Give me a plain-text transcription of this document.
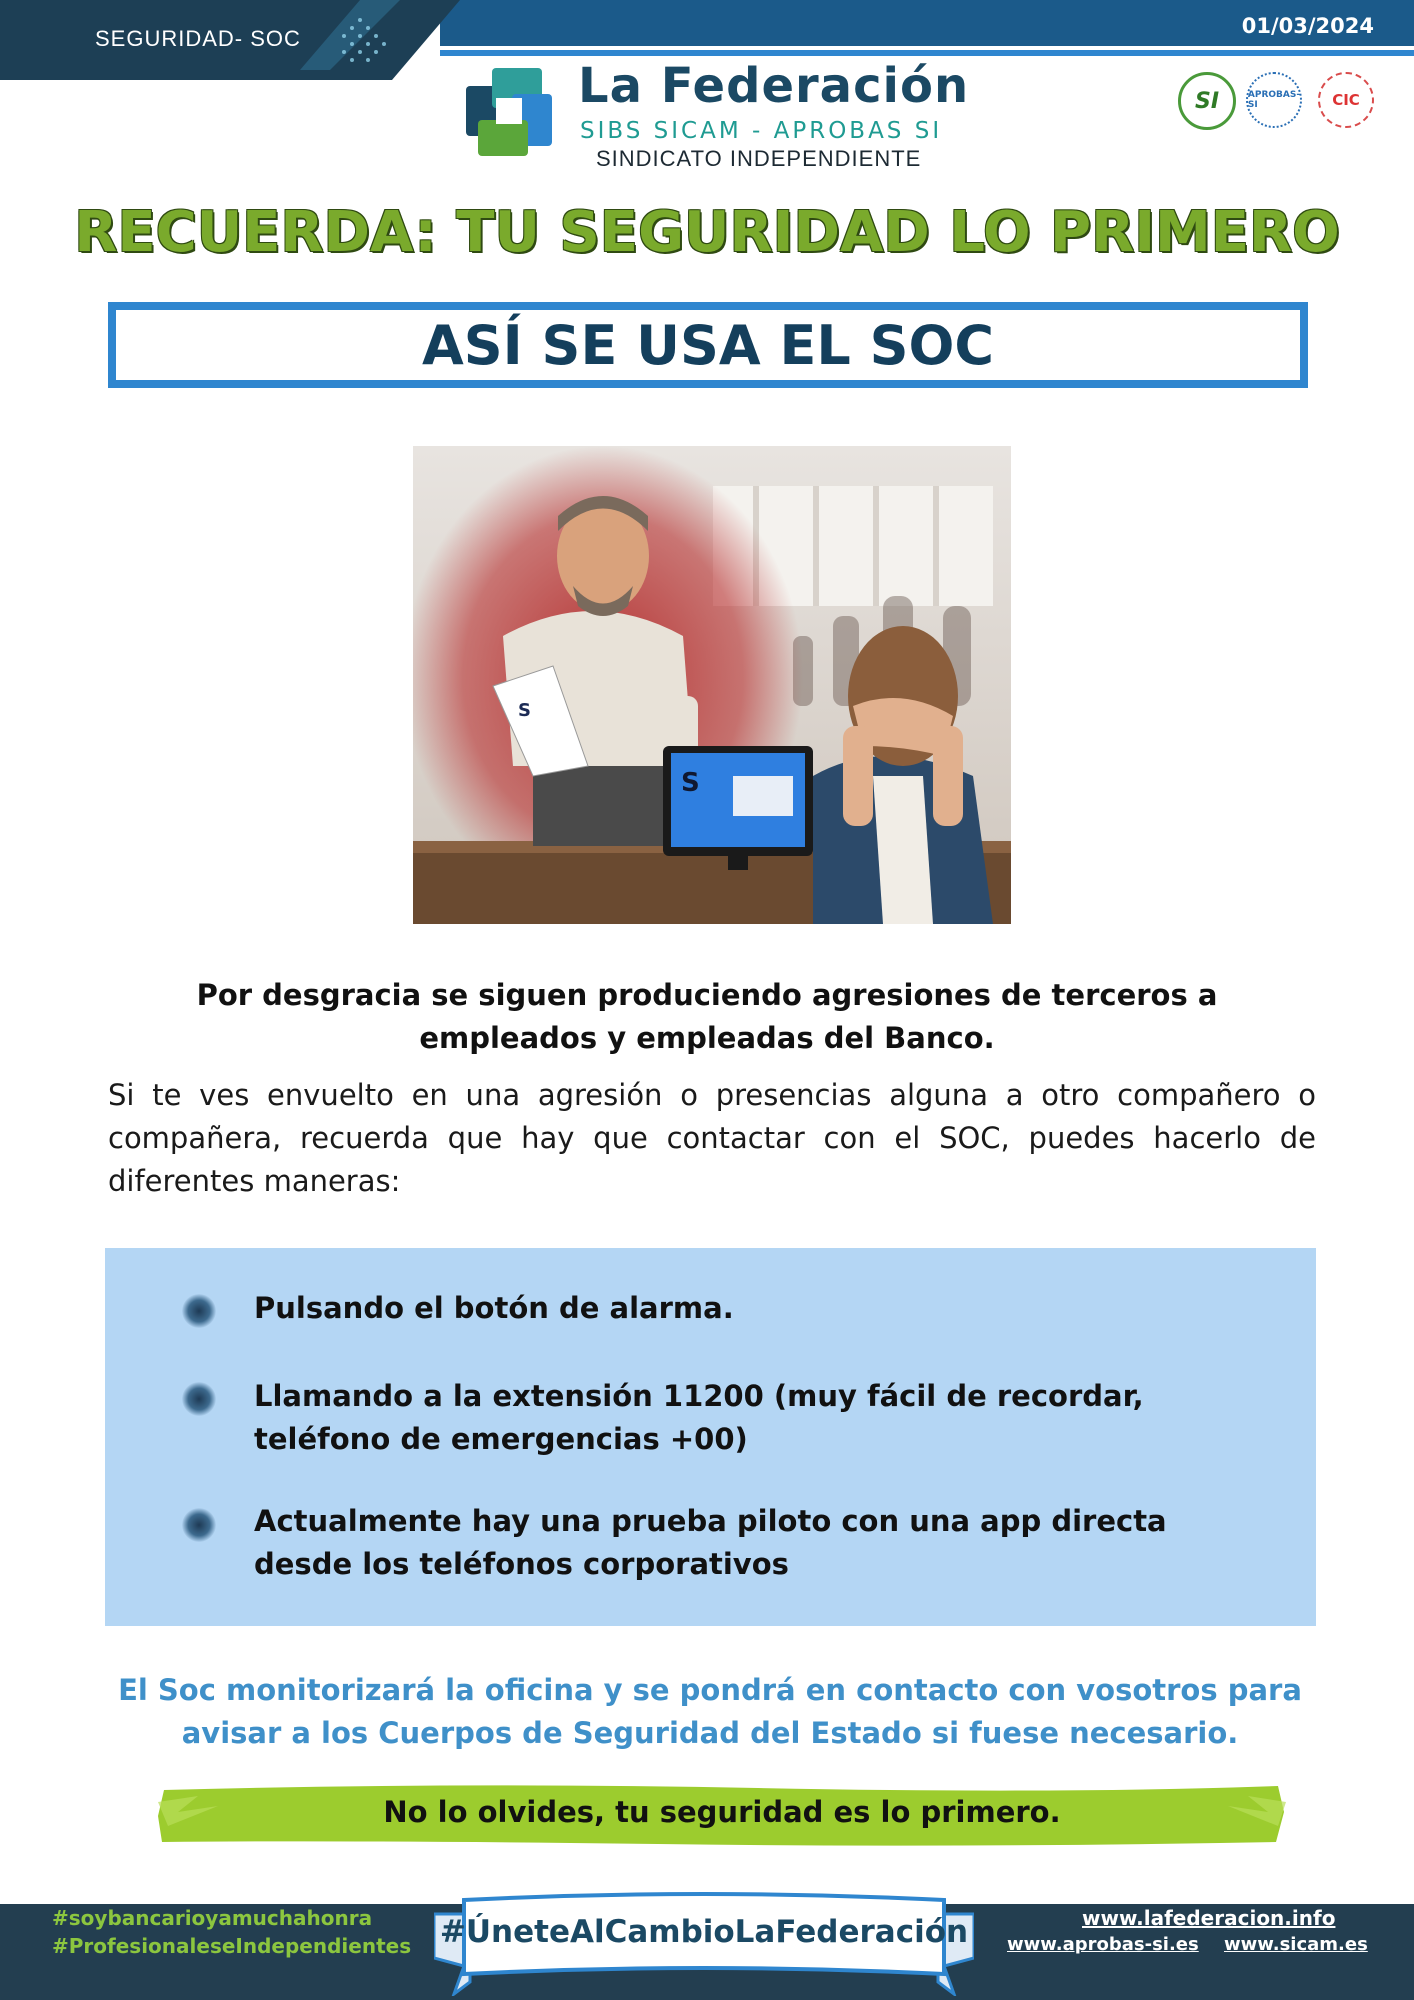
SEGURIDAD- SOC	01/03/2024
La Federación
SIBS SICAM - APROBAS SI
SINDICATO INDEPENDIENTE
SI	APROBAS-SI	CIC
RECUERDA: TU SEGURIDAD LO PRIMERO
ASÍ SE USA EL SOC
S
S
Por desgracia se siguen produciendo agresiones de terceros a empleados y empleadas del Banco.
Si te ves envuelto en una agresión o presencias alguna a otro compañero o compañera, recuerda que hay que contactar con el SOC, puedes hacerlo de diferentes maneras:
Pulsando el botón de alarma.
Llamando a la extensión 11200 (muy fácil de recordar, teléfono de emergencias +00)
Actualmente hay una prueba piloto con una app directa desde los teléfonos corporativos
El Soc monitorizará la oficina y se pondrá en contacto con vosotros para avisar a los Cuerpos de Seguridad del Estado si fuese necesario.
No lo olvides, tu seguridad es lo primero.
#soybancarioyamuchahonra
#ProfesionaleseIndependientes #ÚneteAlCambioLaFederación	www.lafederacion.info
www.aprobas-si.es www.sicam.es
